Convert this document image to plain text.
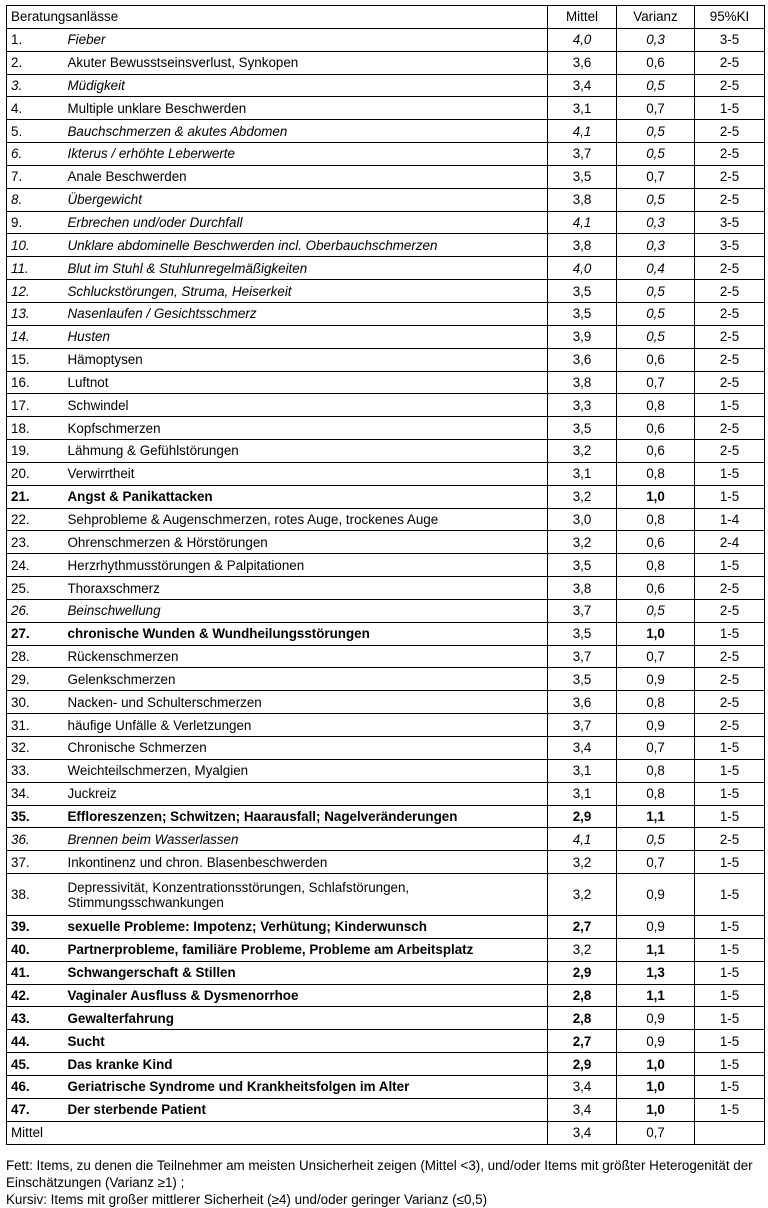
Beratungsanlässe		Mittel	Varianz	95%KI
1.	Fieber	4,0	0,3	3-5
2.	Akuter Bewusstseinsverlust, Synkopen	3,6	0,6	2-5
3.	Müdigkeit	3,4	0,5	2-5
4.	Multiple unklare Beschwerden	3,1	0,7	1-5
5.	Bauchschmerzen & akutes Abdomen	4,1	0,5	2-5
6.	Ikterus / erhöhte Leberwerte	3,7	0,5	2-5
7.	Anale Beschwerden	3,5	0,7	2-5
8.	Übergewicht	3,8	0,5	2-5
9.	Erbrechen und/oder Durchfall	4,1	0,3	3-5
10.	Unklare abdominelle Beschwerden incl. Oberbauchschmerzen	3,8	0,3	3-5
11.	Blut im Stuhl & Stuhlunregelmäßigkeiten	4,0	0,4	2-5
12.	Schluckstörungen, Struma, Heiserkeit	3,5	0,5	2-5
13.	Nasenlaufen / Gesichtsschmerz	3,5	0,5	2-5
14.	Husten	3,9	0,5	2-5
15.	Hämoptysen	3,6	0,6	2-5
16.	Luftnot	3,8	0,7	2-5
17.	Schwindel	3,3	0,8	1-5
18.	Kopfschmerzen	3,5	0,6	2-5
19.	Lähmung & Gefühlstörungen	3,2	0,6	2-5
20.	Verwirrtheit	3,1	0,8	1-5
21.	Angst & Panikattacken	3,2	1,0	1-5
22.	Sehprobleme & Augenschmerzen, rotes Auge, trockenes Auge	3,0	0,8	1-4
23.	Ohrenschmerzen & Hörstörungen	3,2	0,6	2-4
24.	Herzrhythmusstörungen & Palpitationen	3,5	0,8	1-5
25.	Thoraxschmerz	3,8	0,6	2-5
26.	Beinschwellung	3,7	0,5	2-5
27.	chronische Wunden & Wundheilungsstörungen	3,5	1,0	1-5
28.	Rückenschmerzen	3,7	0,7	2-5
29.	Gelenkschmerzen	3,5	0,9	2-5
30.	Nacken- und Schulterschmerzen	3,6	0,8	2-5
31.	häufige Unfälle & Verletzungen	3,7	0,9	2-5
32.	Chronische Schmerzen	3,4	0,7	1-5
33.	Weichteilschmerzen, Myalgien	3,1	0,8	1-5
34.	Juckreiz	3,1	0,8	1-5
35.	Effloreszenzen; Schwitzen; Haarausfall; Nagelveränderungen	2,9	1,1	1-5
36.	Brennen beim Wasserlassen	4,1	0,5	2-5
37.	Inkontinenz und chron. Blasenbeschwerden	3,2	0,7	1-5
38.	Depressivität, Konzentrationsstörungen, Schlafstörungen, Stimmungsschwankungen	3,2	0,9	1-5
39.	sexuelle Probleme: Impotenz; Verhütung; Kinderwunsch	2,7	0,9	1-5
40.	Partnerprobleme, familiäre Probleme, Probleme am Arbeitsplatz	3,2	1,1	1-5
41.	Schwangerschaft & Stillen	2,9	1,3	1-5
42.	Vaginaler Ausfluss & Dysmenorrhoe	2,8	1,1	1-5
43.	Gewalterfahrung	2,8	0,9	1-5
44.	Sucht	2,7	0,9	1-5
45.	Das kranke Kind	2,9	1,0	1-5
46.	Geriatrische Syndrome und Krankheitsfolgen im Alter	3,4	1,0	1-5
47.	Der sterbende Patient	3,4	1,0	1-5
Mittel		3,4	0,7	

Fett: Items, zu denen die Teilnehmer am meisten Unsicherheit zeigen (Mittel <3), und/oder Items mit größter Heterogenität der Einschätzungen (Varianz ≥1) ;

Kursiv: Items mit großer mittlerer Sicherheit (≥4) und/oder geringer Varianz (≤0,5)
